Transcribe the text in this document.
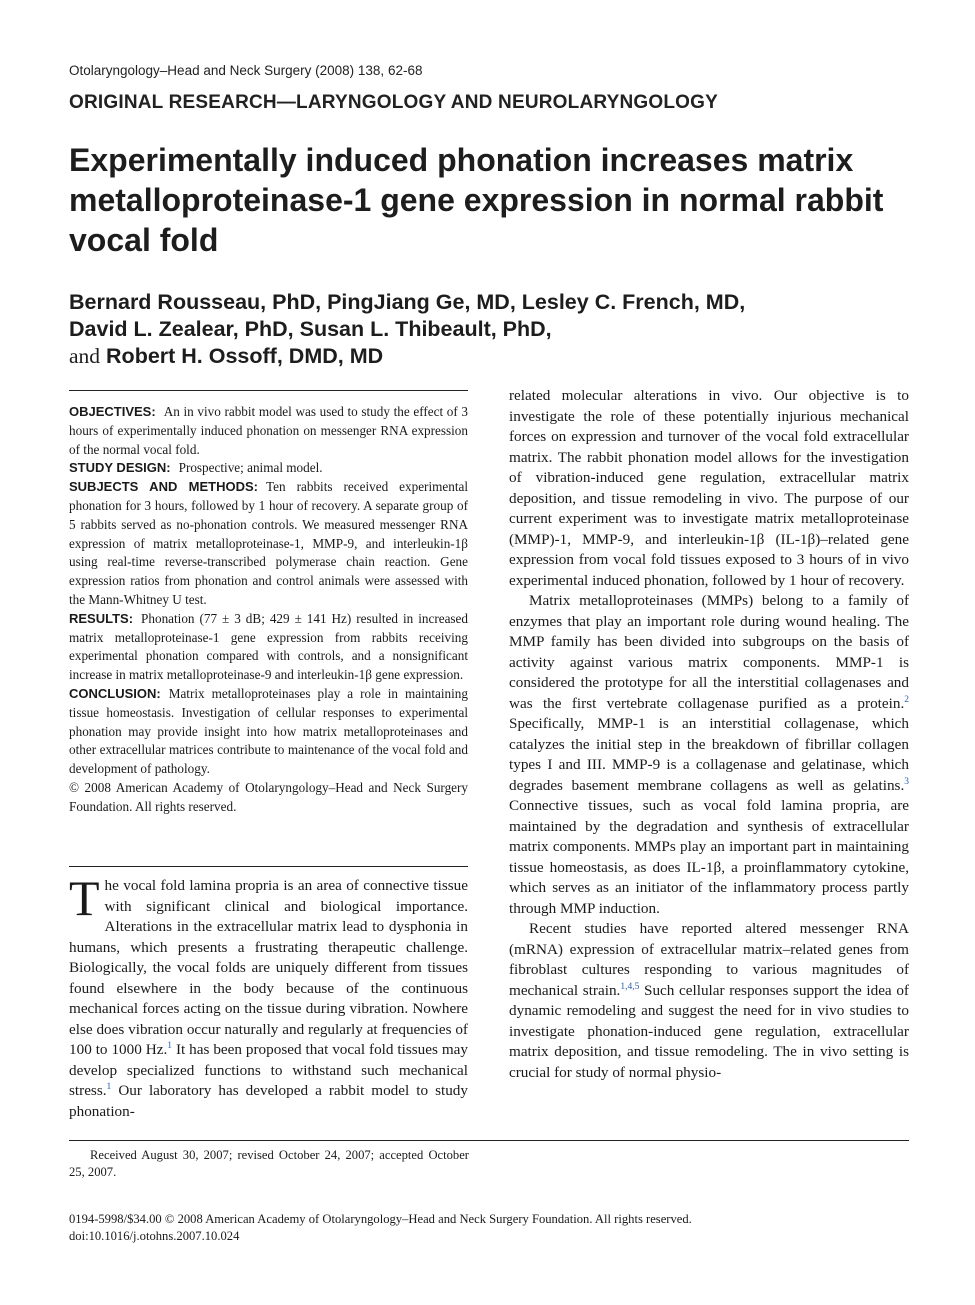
Otolaryngology–Head and Neck Surgery (2008) 138, 62-68
ORIGINAL RESEARCH—LARYNGOLOGY AND NEUROLARYNGOLOGY
Experimentally induced phonation increases matrix metalloproteinase-1 gene expression in normal rabbit vocal fold
Bernard Rousseau, PhD, PingJiang Ge, MD, Lesley C. French, MD,
David L. Zealear, PhD, Susan L. Thibeault, PhD,
and Robert H. Ossoff, DMD, MD

OBJECTIVES: An in vivo rabbit model was used to study the effect of 3 hours of experimentally induced phonation on messenger RNA expression of the normal vocal fold.

STUDY DESIGN: Prospective; animal model.

SUBJECTS AND METHODS: Ten rabbits received experimental phonation for 3 hours, followed by 1 hour of recovery. A separate group of 5 rabbits served as no-phonation controls. We measured messenger RNA expression of matrix metalloproteinase-1, MMP-9, and interleukin-1β using real-time reverse-transcribed polymerase chain reaction. Gene expression ratios from phonation and control animals were assessed with the Mann-Whitney U test.

RESULTS: Phonation (77 ± 3 dB; 429 ± 141 Hz) resulted in increased matrix metalloproteinase-1 gene expression from rabbits receiving experimental phonation compared with controls, and a nonsignificant increase in matrix metalloproteinase-9 and interleukin-1β gene expression.

CONCLUSION: Matrix metalloproteinases play a role in maintaining tissue homeostasis. Investigation of cellular responses to experimental phonation may provide insight into how matrix metalloproteinases and other extracellular matrices contribute to maintenance of the vocal fold and development of pathology.

© 2008 American Academy of Otolaryngology–Head and Neck Surgery Foundation. All rights reserved.

The vocal fold lamina propria is an area of connective tissue with significant clinical and biological importance. Alterations in the extracellular matrix lead to dysphonia in humans, which presents a frustrating therapeutic challenge. Biologically, the vocal folds are uniquely different from tissues found elsewhere in the body because of the continuous mechanical forces acting on the tissue during vibration. Nowhere else does vibration occur naturally and regularly at frequencies of 100 to 1000 Hz.$^1$ It has been proposed that vocal fold tissues may develop specialized functions to withstand such mechanical stress.$^1$ Our laboratory has developed a rabbit model to study phonation-

related molecular alterations in vivo. Our objective is to investigate the role of these potentially injurious mechanical forces on expression and turnover of the vocal fold extracellular matrix. The rabbit phonation model allows for the investigation of vibration-induced gene regulation, extracellular matrix deposition, and tissue remodeling in vivo. The purpose of our current experiment was to investigate matrix metalloproteinase (MMP)-1, MMP-9, and interleukin-1β (IL-1β)–related gene expression from vocal fold tissues exposed to 3 hours of in vivo experimental induced phonation, followed by 1 hour of recovery.

Matrix metalloproteinases (MMPs) belong to a family of enzymes that play an important role during wound healing. The MMP family has been divided into subgroups on the basis of activity against various matrix components. MMP-1 is considered the prototype for all the interstitial collagenases and was the first vertebrate collagenase purified as a protein.$^2$ Specifically, MMP-1 is an interstitial collagenase, which catalyzes the initial step in the breakdown of fibrillar collagen types I and III. MMP-9 is a collagenase and gelatinase, which degrades basement membrane collagens as well as gelatins.$^3$ Connective tissues, such as vocal fold lamina propria, are maintained by the degradation and synthesis of extracellular matrix components. MMPs play an important part in maintaining tissue homeostasis, as does IL-1β, a proinflammatory cytokine, which serves as an initiator of the inflammatory process partly through MMP induction.

Recent studies have reported altered messenger RNA (mRNA) expression of extracellular matrix–related genes from fibroblast cultures responding to various magnitudes of mechanical strain.$^{1,4,5}$ Such cellular responses support the idea of dynamic remodeling and suggest the need for in vivo studies to investigate phonation-induced gene regulation, extracellular matrix deposition, and tissue remodeling. The in vivo setting is crucial for study of normal physio-

Received August 30, 2007; revised October 24, 2007; accepted October 25, 2007.
0194-5998/$34.00 © 2008 American Academy of Otolaryngology–Head and Neck Surgery Foundation. All rights reserved.
doi:10.1016/j.otohns.2007.10.024
